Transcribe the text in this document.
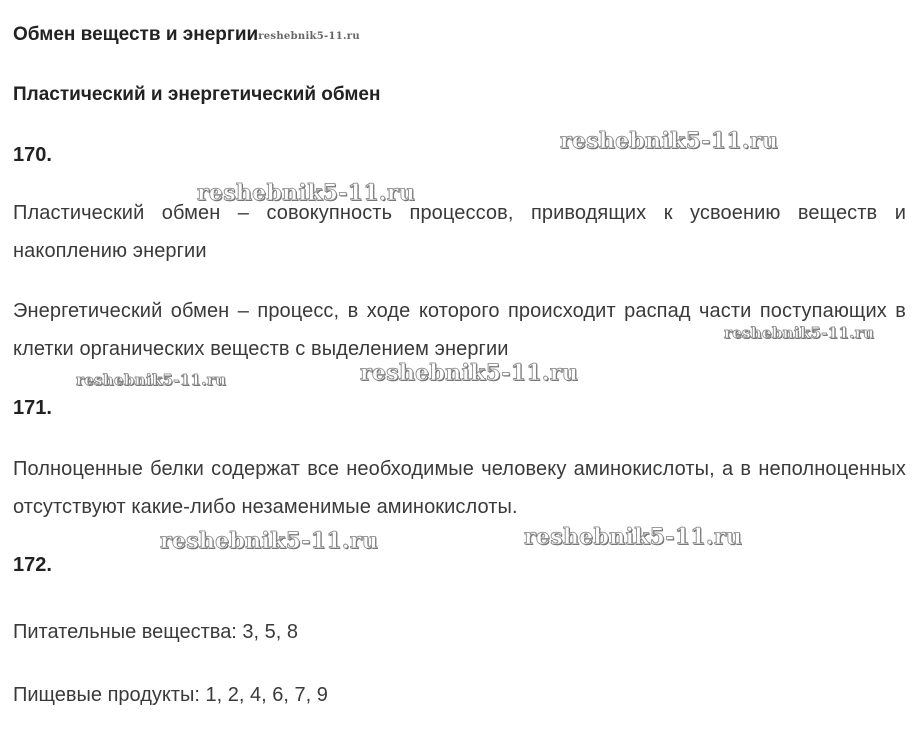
Обмен веществ и энергииreshebnik5-11.ru
Пластический и энергетический обмен
170.
Пластический обмен – совокупность процессов, приводящих к усвоению веществ и накоплению энергии
Энергетический обмен – процесс, в ходе которого происходит распад части поступающих в клетки органических веществ с выделением энергии
171.
Полноценные белки содержат все необходимые человеку аминокислоты, а в неполноценных отсутствуют какие-либо незаменимые аминокислоты.
172.
Питательные вещества: 3, 5, 8
Пищевые продукты: 1, 2, 4, 6, 7, 9
reshebnik5-11.ru
reshebnik5-11.ru
reshebnik5-11.ru
reshebnik5-11.ru	reshebnik5-11.ru
reshebnik5-11.ru	reshebnik5-11.ru
